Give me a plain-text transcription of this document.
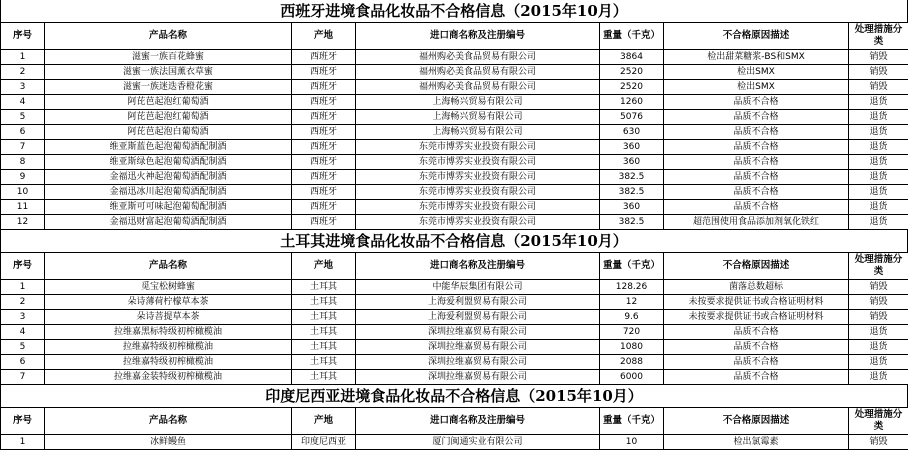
西班牙进境食品化妆品不合格信息（2015年10月）
序号	产品名称	产地	进口商名称及注册编号	重量（千克）	不合格原因描述	处理措施分类
1	滋蜜一族百花蜂蜜	西班牙	福州购必美食品贸易有限公司	3864	检出甜菜糖浆-BS和SMX	销毁
2	滋蜜一族法国薰衣草蜜	西班牙	福州购必美食品贸易有限公司	2520	检出SMX	销毁
3	滋蜜一族迷迭香橙花蜜	西班牙	福州购必美食品贸易有限公司	2520	检出SMX	销毁
4	阿芘芭起泡红葡萄酒	西班牙	上海畅兴贸易有限公司	1260	品质不合格	退货
5	阿芘芭起泡红葡萄酒	西班牙	上海畅兴贸易有限公司	5076	品质不合格	退货
6	阿芘芭起泡白葡萄酒	西班牙	上海畅兴贸易有限公司	630	品质不合格	退货
7	维亚斯蓝色起泡葡萄酒配制酒	西班牙	东莞市博雰实业投资有限公司	360	品质不合格	退货
8	维亚斯绿色起泡葡萄酒配制酒	西班牙	东莞市博雰实业投资有限公司	360	品质不合格	退货
9	金福迅火神起泡葡萄酒配制酒	西班牙	东莞市博雰实业投资有限公司	382.5	品质不合格	退货
10	金福迅冰川起泡葡萄酒配制酒	西班牙	东莞市博雰实业投资有限公司	382.5	品质不合格	退货
11	维亚斯可可味起泡葡萄配制酒	西班牙	东莞市博雰实业投资有限公司	360	品质不合格	退货
12	金福迅财富起泡葡萄酒配制酒	西班牙	东莞市博雰实业投资有限公司	382.5	超范围使用食品添加剂氧化铁红	退货
土耳其进境食品化妆品不合格信息（2015年10月）
序号	产品名称	产地	进口商名称及注册编号	重量（千克）	不合格原因描述	处理措施分类
1	觅宝松树蜂蜜	土耳其	中能华辰集团有限公司	128.26	菌落总数超标	销毁
2	朵诗薄荷柠檬草本茶	土耳其	上海爱利盟贸易有限公司	12	未按要求提供证书或合格证明材料	销毁
3	朵诗菩提草本茶	土耳其	上海爱利盟贸易有限公司	9.6	未按要求提供证书或合格证明材料	销毁
4	拉维嘉黑标特级初榨橄榄油	土耳其	深圳拉维嘉贸易有限公司	720	品质不合格	退货
5	拉维嘉特级初榨橄榄油	土耳其	深圳拉维嘉贸易有限公司	1080	品质不合格	退货
6	拉维嘉特级初榨橄榄油	土耳其	深圳拉维嘉贸易有限公司	2088	品质不合格	退货
7	拉维嘉金装特级初榨橄榄油	土耳其	深圳拉维嘉贸易有限公司	6000	品质不合格	退货
印度尼西亚进境食品化妆品不合格信息（2015年10月）
序号	产品名称	产地	进口商名称及注册编号	重量（千克）	不合格原因描述	处理措施分类
1	冰鲜鳗鱼	印度尼西亚	厦门闽通实业有限公司	10	检出氯霉素	销毁
